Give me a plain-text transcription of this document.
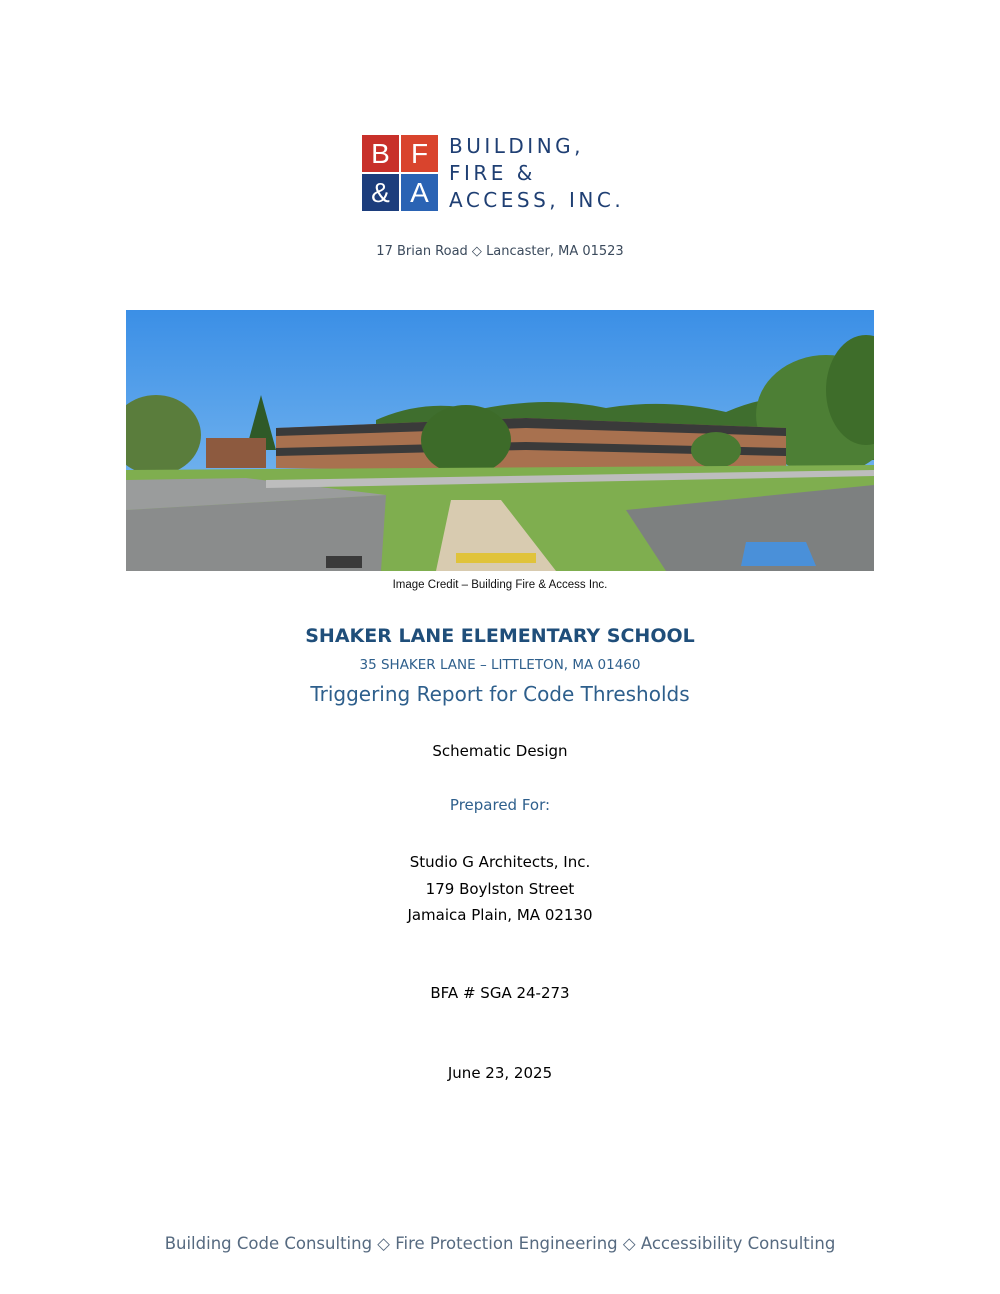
B F
& A
BUILDING,
FIRE &
ACCESS, INC.
17 Brian Road ◇ Lancaster, MA 01523
Image Credit – Building Fire & Access Inc.
SHAKER LANE ELEMENTARY SCHOOL
35 SHAKER LANE – LITTLETON, MA 01460
Triggering Report for Code Thresholds
Schematic Design
Prepared For:
Studio G Architects, Inc.
179 Boylston Street
Jamaica Plain, MA 02130
BFA # SGA 24-273
June 23, 2025
Building Code Consulting ◇ Fire Protection Engineering ◇ Accessibility Consulting
